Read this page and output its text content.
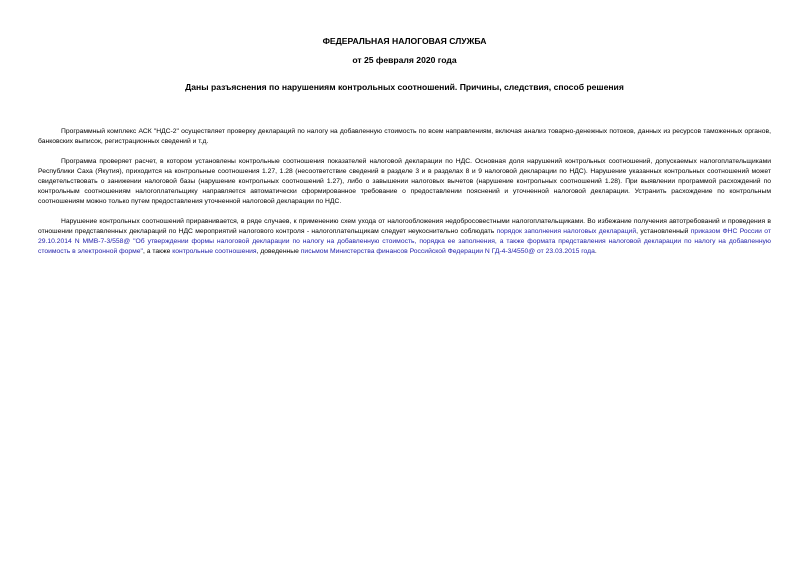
ФЕДЕРАЛЬНАЯ НАЛОГОВАЯ СЛУЖБА

от 25 февраля 2020 года

Даны разъяснения по нарушениям контрольных соотношений. Причины, следствия, способ решения

Программный комплекс АСК "НДС-2" осуществляет проверку деклараций по налогу на добавленную стоимость по всем направлениям, включая анализ товарно-денежных потоков, данных из ресурсов таможенных органов, банковских выписок, регистрационных сведений и т.д.

Программа проверяет расчет, в котором установлены контрольные соотношения показателей налоговой декларации по НДС. Основная доля нарушений контрольных соотношений, допускаемых налогоплательщиками Республики Саха (Якутия), приходится на контрольные соотношения 1.27, 1.28 (несоответствие сведений в разделе 3 и в разделах 8 и 9 налоговой декларации по НДС). Нарушение указанных контрольных соотношений может свидетельствовать о занижении налоговой базы (нарушение контрольных соотношений 1.27), либо о завышении налоговых вычетов (нарушение контрольных соотношений 1.28). При выявлении программой расхождений по контрольным соотношениям налогоплательщику направляется автоматически сформированное требование о предоставлении пояснений и уточненной налоговой декларации. Устранить расхождение по контрольным соотношениям можно только путем предоставления уточненной налоговой декларации по НДС.

Нарушение контрольных соотношений приравнивается, в ряде случаев, к применению схем ухода от налогообложения недобросовестными налогоплательщиками. Во избежание получения автотребований и проведения в отношении представленных деклараций по НДС мероприятий налогового контроля - налогоплательщикам следует неукоснительно соблюдать порядок заполнения налоговых деклараций, установленный приказом ФНС России от 29.10.2014 N ММВ-7-3/558@ "Об утверждении формы налоговой декларации по налогу на добавленную стоимость, порядка ее заполнения, а также формата представления налоговой декларации по налогу на добавленную стоимость в электронной форме", а также контрольные соотношения, доведенные письмом Министерства финансов Российской Федерации N ГД-4-3/4550@ от 23.03.2015 года.
